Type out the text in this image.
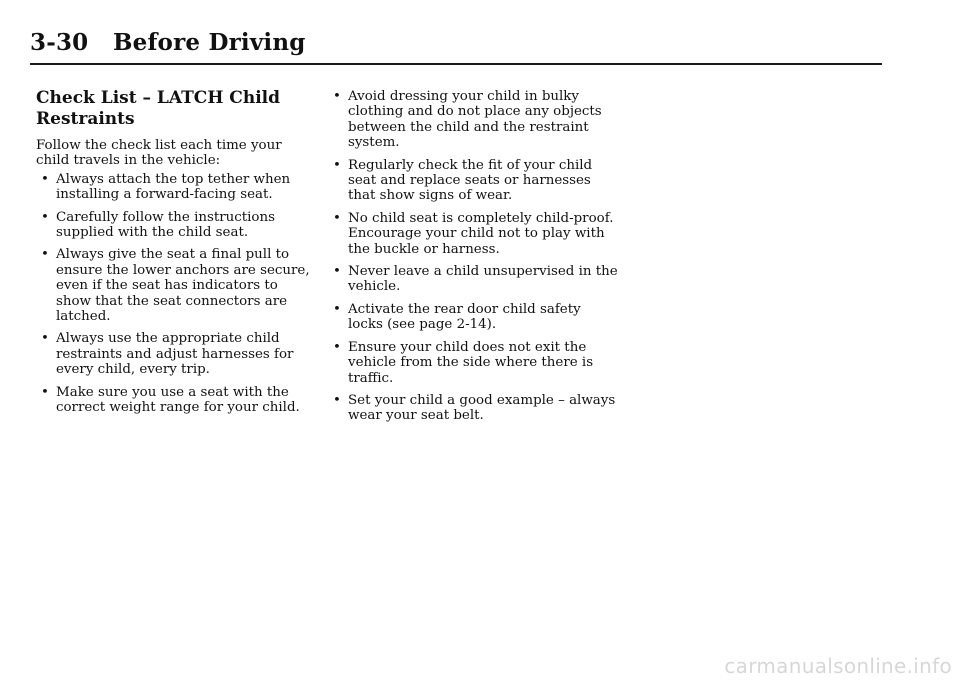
3-30 Before Driving
Check List – LATCH Child Restraints

Follow the check list each time your child travels in the vehicle:

• Always attach the top tether when installing a forward-facing seat.
• Carefully follow the instructions supplied with the child seat.
• Always give the seat a final pull to ensure the lower anchors are secure, even if the seat has indicators to show that the seat connectors are latched.
• Always use the appropriate child restraints and adjust harnesses for every child, every trip.
• Make sure you use a seat with the correct weight range for your child.
• Avoid dressing your child in bulky clothing and do not place any objects between the child and the restraint system.
• Regularly check the fit of your child seat and replace seats or harnesses that show signs of wear.
• No child seat is completely child-proof. Encourage your child not to play with the buckle or harness.
• Never leave a child unsupervised in the vehicle.
• Activate the rear door child safety locks (see page 2-14).
• Ensure your child does not exit the vehicle from the side where there is traffic.
• Set your child a good example – always wear your seat belt.
carmanualsonline.info
